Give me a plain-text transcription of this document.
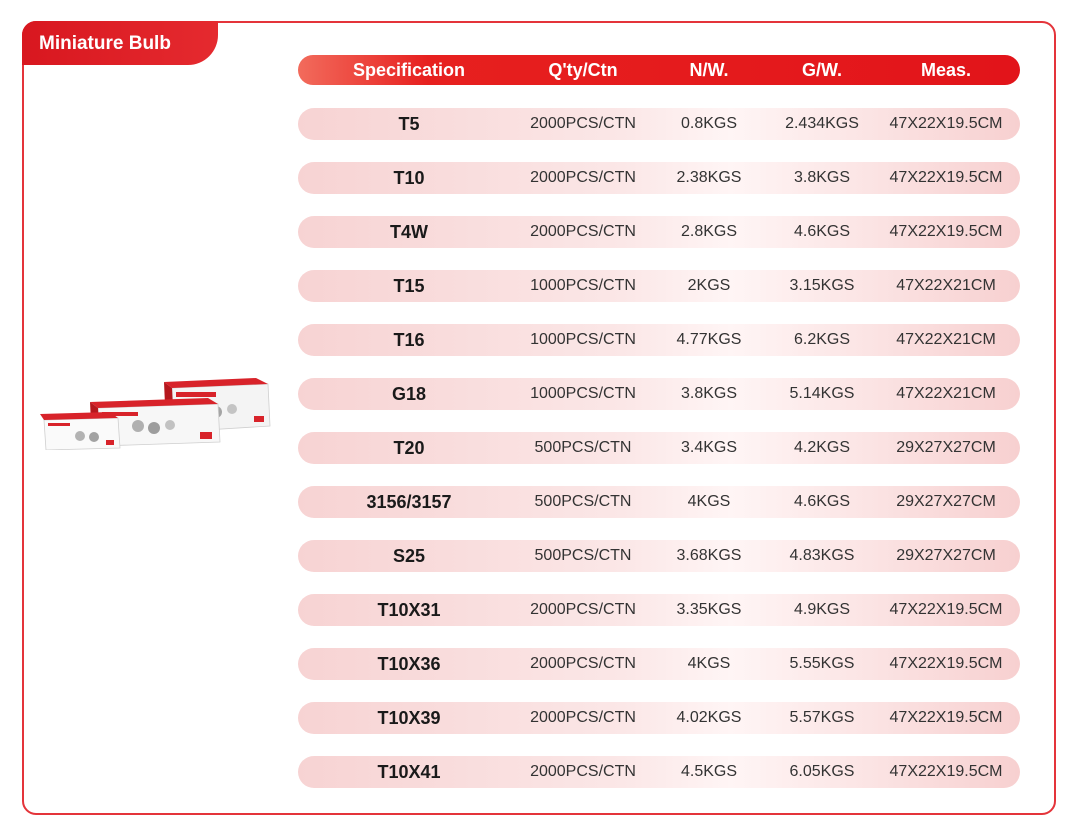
Miniature Bulb
Specification	Q'ty/Ctn	N/W.	G/W.	Meas.
T5	2000PCS/CTN	0.8KGS	2.434KGS	47X22X19.5CM
T10	2000PCS/CTN	2.38KGS	3.8KGS	47X22X19.5CM
T4W	2000PCS/CTN	2.8KGS	4.6KGS	47X22X19.5CM
T15	1000PCS/CTN	2KGS	3.15KGS	47X22X21CM
T16	1000PCS/CTN	4.77KGS	6.2KGS	47X22X21CM
G18	1000PCS/CTN	3.8KGS	5.14KGS	47X22X21CM
T20	500PCS/CTN	3.4KGS	4.2KGS	29X27X27CM
3156/3157	500PCS/CTN	4KGS	4.6KGS	29X27X27CM
S25	500PCS/CTN	3.68KGS	4.83KGS	29X27X27CM
T10X31	2000PCS/CTN	3.35KGS	4.9KGS	47X22X19.5CM
T10X36	2000PCS/CTN	4KGS	5.55KGS	47X22X19.5CM
T10X39	2000PCS/CTN	4.02KGS	5.57KGS	47X22X19.5CM
T10X41	2000PCS/CTN	4.5KGS	6.05KGS	47X22X19.5CM
